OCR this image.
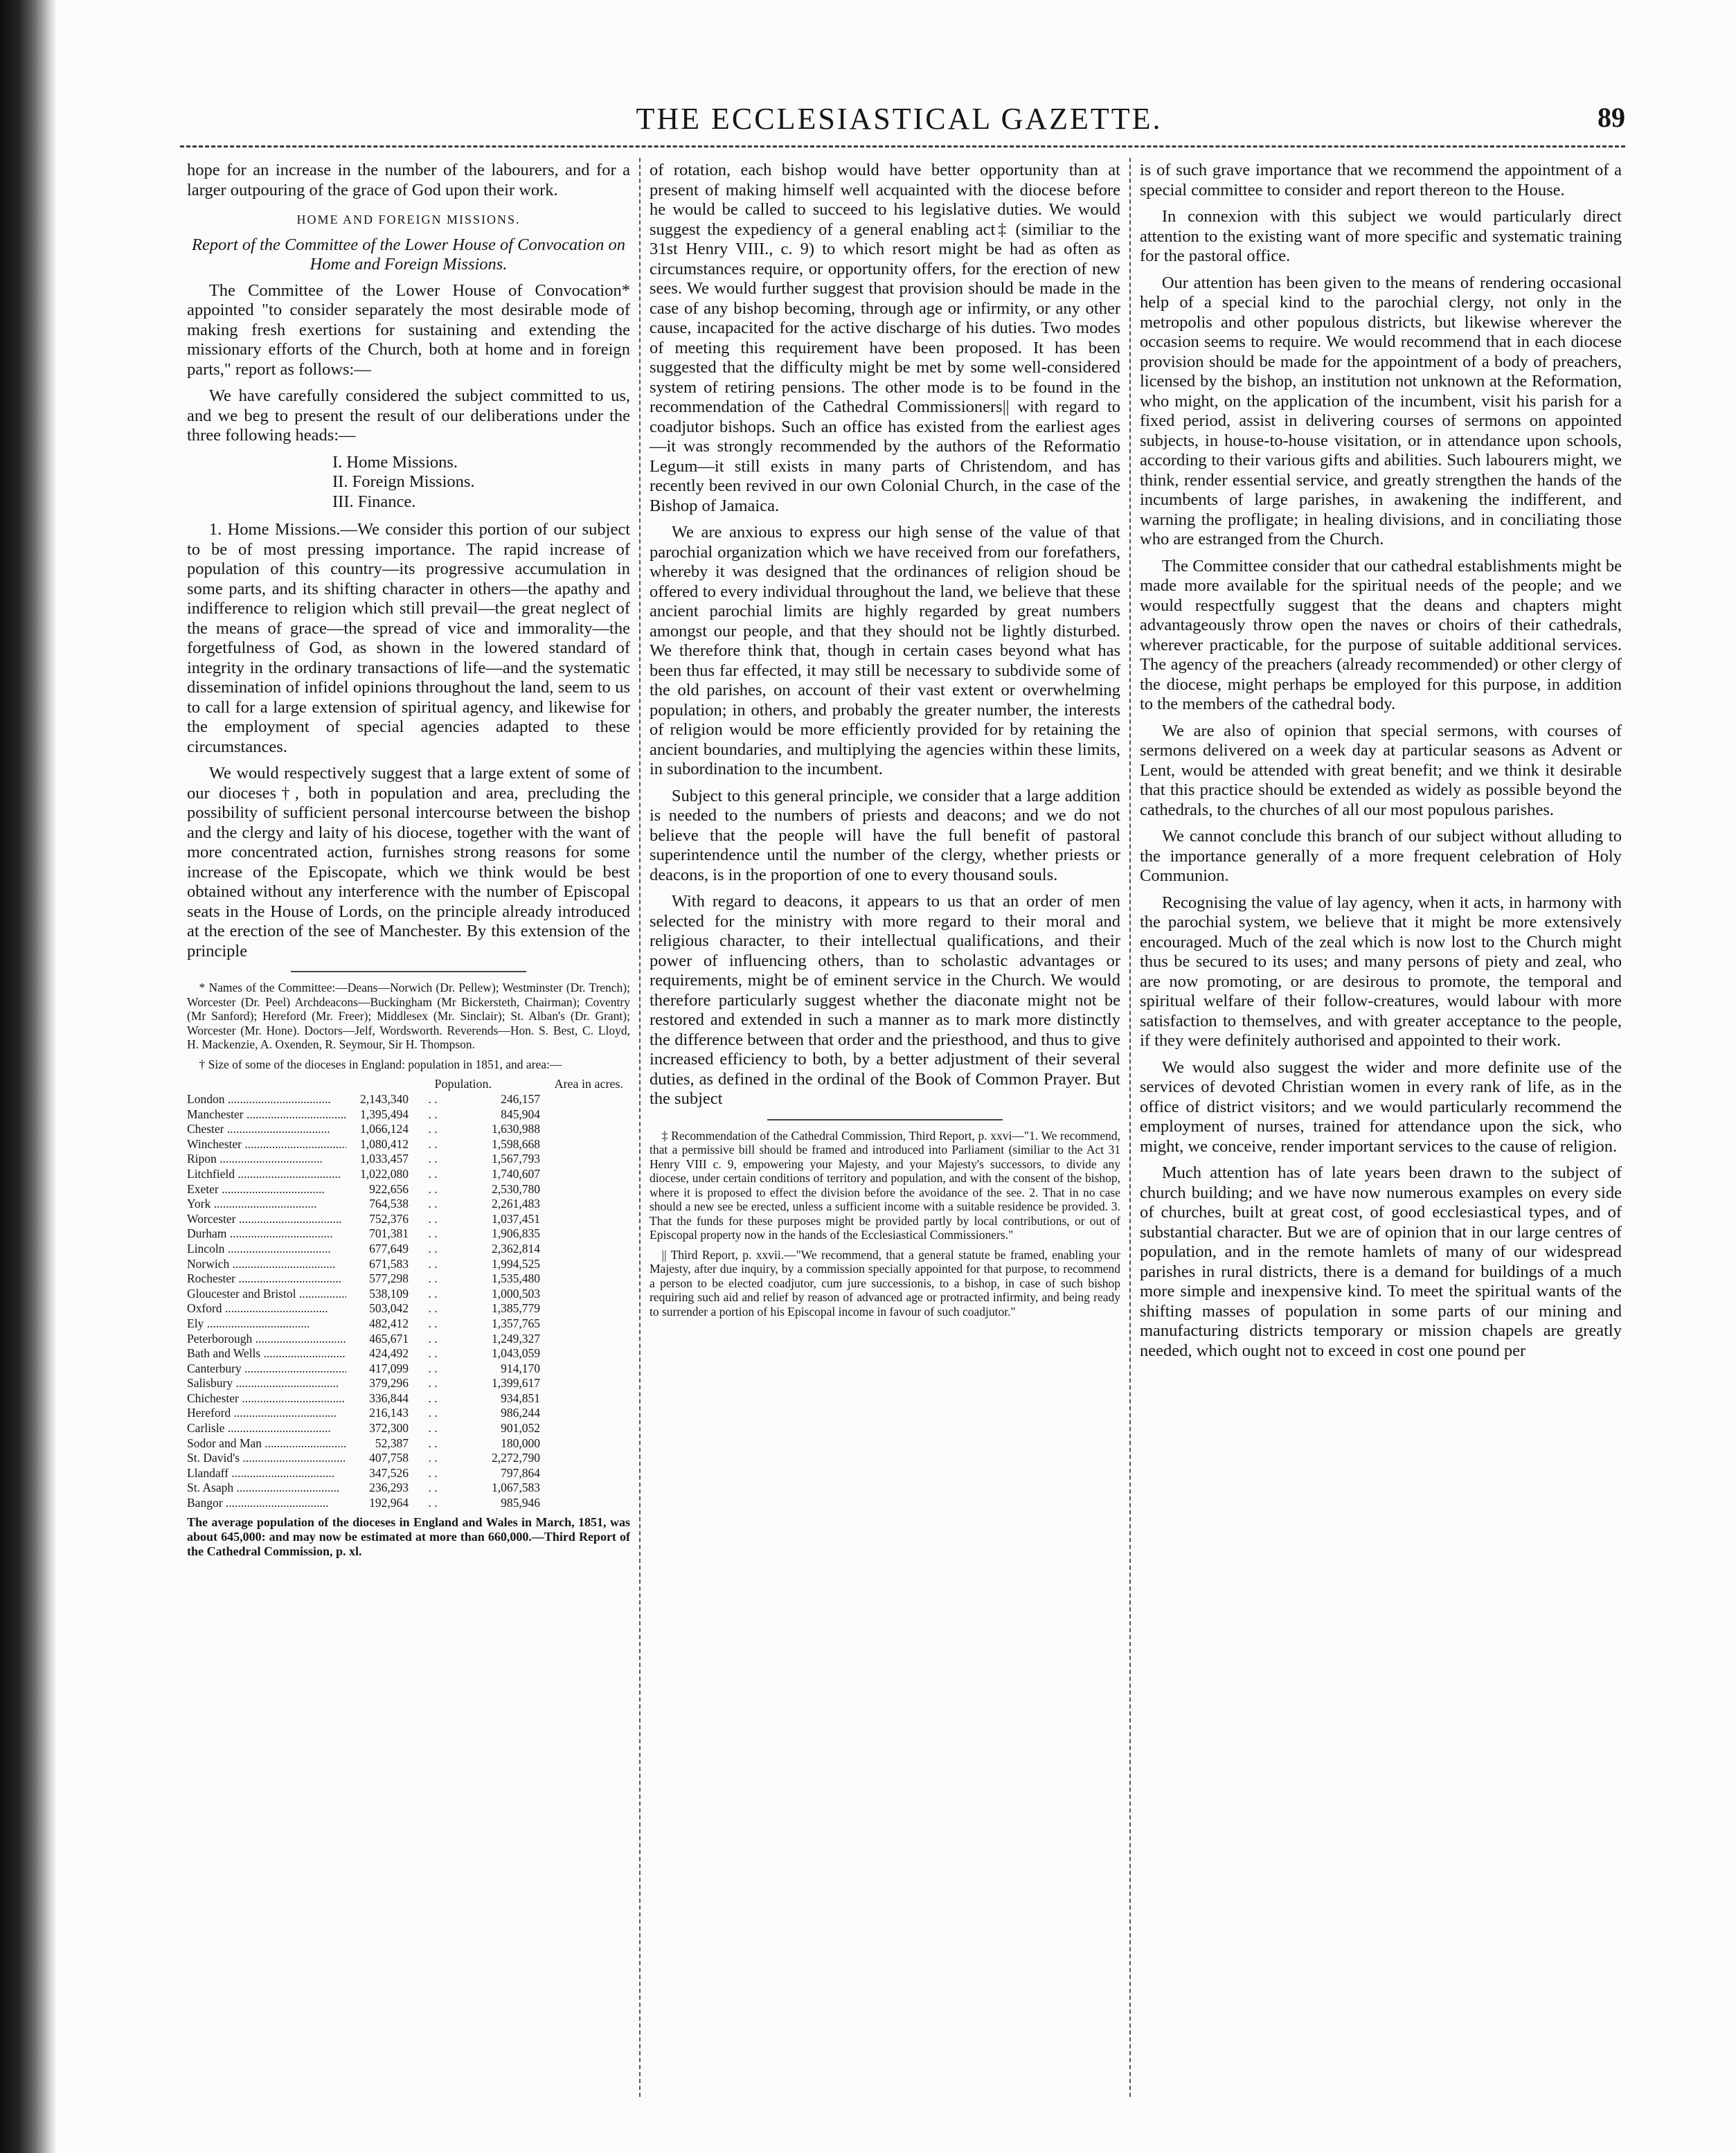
THE ECCLESIASTICAL GAZETTE.	89

hope for an increase in the number of the labourers, and for a larger outpouring of the grace of God upon their work.

HOME AND FOREIGN MISSIONS.
Report of the Committee of the Lower House of Convocation on Home and Foreign Missions.

The Committee of the Lower House of Convocation* appointed "to consider separately the most desirable mode of making fresh exertions for sustaining and extending the missionary efforts of the Church, both at home and in foreign parts," report as follows:—

We have carefully considered the subject committed to us, and we beg to present the result of our deliberations under the three following heads:—

I. Home Missions.
II. Foreign Missions.
III. Finance.

1. Home Missions.—We consider this portion of our subject to be of most pressing importance. The rapid increase of population of this country—its progressive accumulation in some parts, and its shifting character in others—the apathy and indifference to religion which still prevail—the great neglect of the means of grace—the spread of vice and immorality—the forgetfulness of God, as shown in the lowered standard of integrity in the ordinary transactions of life—and the systematic dissemination of infidel opinions throughout the land, seem to us to call for a large extension of spiritual agency, and likewise for the employment of special agencies adapted to these circumstances.

We would respectively suggest that a large extent of some of our dioceses†, both in population and area, precluding the possibility of sufficient personal intercourse between the bishop and the clergy and laity of his diocese, together with the want of more concentrated action, furnishes strong reasons for some increase of the Episcopate, which we think would be best obtained without any interference with the number of Episcopal seats in the House of Lords, on the principle already introduced at the erection of the see of Manchester. By this extension of the principle

* Names of the Committee:—Deans—Norwich (Dr. Pellew); Westminster (Dr. Trench); Worcester (Dr. Peel) Archdeacons—Buckingham (Mr Bickersteth, Chairman); Coventry (Mr Sanford); Hereford (Mr. Freer); Middlesex (Mr. Sinclair); St. Alban's (Dr. Grant); Worcester (Mr. Hone). Doctors—Jelf, Wordsworth. Reverends—Hon. S. Best, C. Lloyd, H. Mackenzie, A. Oxenden, R. Seymour, Sir H. Thompson.
† Size of some of the dioceses in England: population in 1851, and area:—
Population.	Area in acres.
London .....	2,143,340	. .	246,157
Manchester .....	1,395,494	. .	845,904
Chester .....	1,066,124	. .	1,630,988
Winchester .....	1,080,412	. .	1,598,668
Ripon .....	1,033,457	. .	1,567,793
Litchfield .....	1,022,080	. .	1,740,607
Exeter .....	922,656	. .	2,530,780
York .....	764,538	. .	2,261,483
Worcester .....	752,376	. .	1,037,451
Durham .....	701,381	. .	1,906,835
Lincoln .....	677,649	. .	2,362,814
Norwich .....	671,583	. .	1,994,525
Rochester .....	577,298	. .	1,535,480
Gloucester and Bristol .....	538,109	. .	1,000,503
Oxford .....	503,042	. .	1,385,779
Ely .....	482,412	. .	1,357,765
Peterborough .....	465,671	. .	1,249,327
Bath and Wells .....	424,492	. .	1,043,059
Canterbury .....	417,099	. .	914,170
Salisbury .....	379,296	. .	1,399,617
Chichester .....	336,844	. .	934,851
Hereford .....	216,143	. .	986,244
Carlisle .....	372,300	. .	901,052
Sodor and Man .....	52,387	. .	180,000
St. David's .....	407,758	. .	2,272,790
Llandaff .....	347,526	. .	797,864
St. Asaph .....	236,293	. .	1,067,583
Bangor .....	192,964	. .	985,946
The average population of the dioceses in England and Wales in March, 1851, was about 645,000: and may now be estimated at more than 660,000.—Third Report of the Cathedral Commission, p. xl.

of rotation, each bishop would have better opportunity than at present of making himself well acquainted with the diocese before he would be called to succeed to his legislative duties. We would suggest the expediency of a general enabling act‡ (similiar to the 31st Henry VIII., c. 9) to which resort might be had as often as circumstances require, or opportunity offers, for the erection of new sees. We would further suggest that provision should be made in the case of any bishop becoming, through age or infirmity, or any other cause, incapacited for the active discharge of his duties. Two modes of meeting this requirement have been proposed. It has been suggested that the difficulty might be met by some well-considered system of retiring pensions. The other mode is to be found in the recommendation of the Cathedral Commissioners|| with regard to coadjutor bishops. Such an office has existed from the earliest ages—it was strongly recommended by the authors of the Reformatio Legum—it still exists in many parts of Christendom, and has recently been revived in our own Colonial Church, in the case of the Bishop of Jamaica.

We are anxious to express our high sense of the value of that parochial organization which we have received from our forefathers, whereby it was designed that the ordinances of religion shoud be offered to every individual throughout the land, we believe that these ancient parochial limits are highly regarded by great numbers amongst our people, and that they should not be lightly disturbed. We therefore think that, though in certain cases beyond what has been thus far effected, it may still be necessary to subdivide some of the old parishes, on account of their vast extent or overwhelming population; in others, and probably the greater number, the interests of religion would be more efficiently provided for by retaining the ancient boundaries, and multiplying the agencies within these limits, in subordination to the incumbent.

Subject to this general principle, we consider that a large addition is needed to the numbers of priests and deacons; and we do not believe that the people will have the full benefit of pastoral superintendence until the number of the clergy, whether priests or deacons, is in the proportion of one to every thousand souls.

With regard to deacons, it appears to us that an order of men selected for the ministry with more regard to their moral and religious character, to their intellectual qualifications, and their power of influencing others, than to scholastic advantages or requirements, might be of eminent service in the Church. We would therefore particularly suggest whether the diaconate might not be restored and extended in such a manner as to mark more distinctly the difference between that order and the priesthood, and thus to give increased efficiency to both, by a better adjustment of their several duties, as defined in the ordinal of the Book of Common Prayer. But the subject

‡ Recommendation of the Cathedral Commission, Third Report, p. xxvi—"1. We recommend, that a permissive bill should be framed and introduced into Parliament (similiar to the Act 31 Henry VIII c. 9, empowering your Majesty, and your Majesty's successors, to divide any diocese, under certain conditions of territory and population, and with the consent of the bishop, where it is proposed to effect the division before the avoidance of the see. 2. That in no case should a new see be erected, unless a sufficient income with a suitable residence be provided. 3. That the funds for these purposes might be provided partly by local contributions, or out of Episcopal property now in the hands of the Ecclesiastical Commissioners."
|| Third Report, p. xxvii.—"We recommend, that a general statute be framed, enabling your Majesty, after due inquiry, by a commission specially appointed for that purpose, to recommend a person to be elected coadjutor, cum jure successionis, to a bishop, in case of such bishop requiring such aid and relief by reason of advanced age or protracted infirmity, and being ready to surrender a portion of his Episcopal income in favour of such coadjutor."

is of such grave importance that we recommend the appointment of a special committee to consider and report thereon to the House.

In connexion with this subject we would particularly direct attention to the existing want of more specific and systematic training for the pastoral office.

Our attention has been given to the means of rendering occasional help of a special kind to the parochial clergy, not only in the metropolis and other populous districts, but likewise wherever the occasion seems to require. We would recommend that in each diocese provision should be made for the appointment of a body of preachers, licensed by the bishop, an institution not unknown at the Reformation, who might, on the application of the incumbent, visit his parish for a fixed period, assist in delivering courses of sermons on appointed subjects, in house-to-house visitation, or in attendance upon schools, according to their various gifts and abilities. Such labourers might, we think, render essential service, and greatly strengthen the hands of the incumbents of large parishes, in awakening the indifferent, and warning the profligate; in healing divisions, and in conciliating those who are estranged from the Church.

The Committee consider that our cathedral establishments might be made more available for the spiritual needs of the people; and we would respectfully suggest that the deans and chapters might advantageously throw open the naves or choirs of their cathedrals, wherever practicable, for the purpose of suitable additional services. The agency of the preachers (already recommended) or other clergy of the diocese, might perhaps be employed for this purpose, in addition to the members of the cathedral body.

We are also of opinion that special sermons, with courses of sermons delivered on a week day at particular seasons as Advent or Lent, would be attended with great benefit; and we think it desirable that this practice should be extended as widely as possible beyond the cathedrals, to the churches of all our most populous parishes.

We cannot conclude this branch of our subject without alluding to the importance generally of a more frequent celebration of Holy Communion.

Recognising the value of lay agency, when it acts, in harmony with the parochial system, we believe that it might be more extensively encouraged. Much of the zeal which is now lost to the Church might thus be secured to its uses; and many persons of piety and zeal, who are now promoting, or are desirous to promote, the temporal and spiritual welfare of their follow-creatures, would labour with more satisfaction to themselves, and with greater acceptance to the people, if they were definitely authorised and appointed to their work.

We would also suggest the wider and more definite use of the services of devoted Christian women in every rank of life, as in the office of district visitors; and we would particularly recommend the employment of nurses, trained for attendance upon the sick, who might, we conceive, render important services to the cause of religion.

Much attention has of late years been drawn to the subject of church building; and we have now numerous examples on every side of churches, built at great cost, of good ecclesiastical types, and of substantial character. But we are of opinion that in our large centres of population, and in the remote hamlets of many of our widespread parishes in rural districts, there is a demand for buildings of a much more simple and inexpensive kind. To meet the spiritual wants of the shifting masses of population in some parts of our mining and manufacturing districts temporary or mission chapels are greatly needed, which ought not to exceed in cost one pound per
